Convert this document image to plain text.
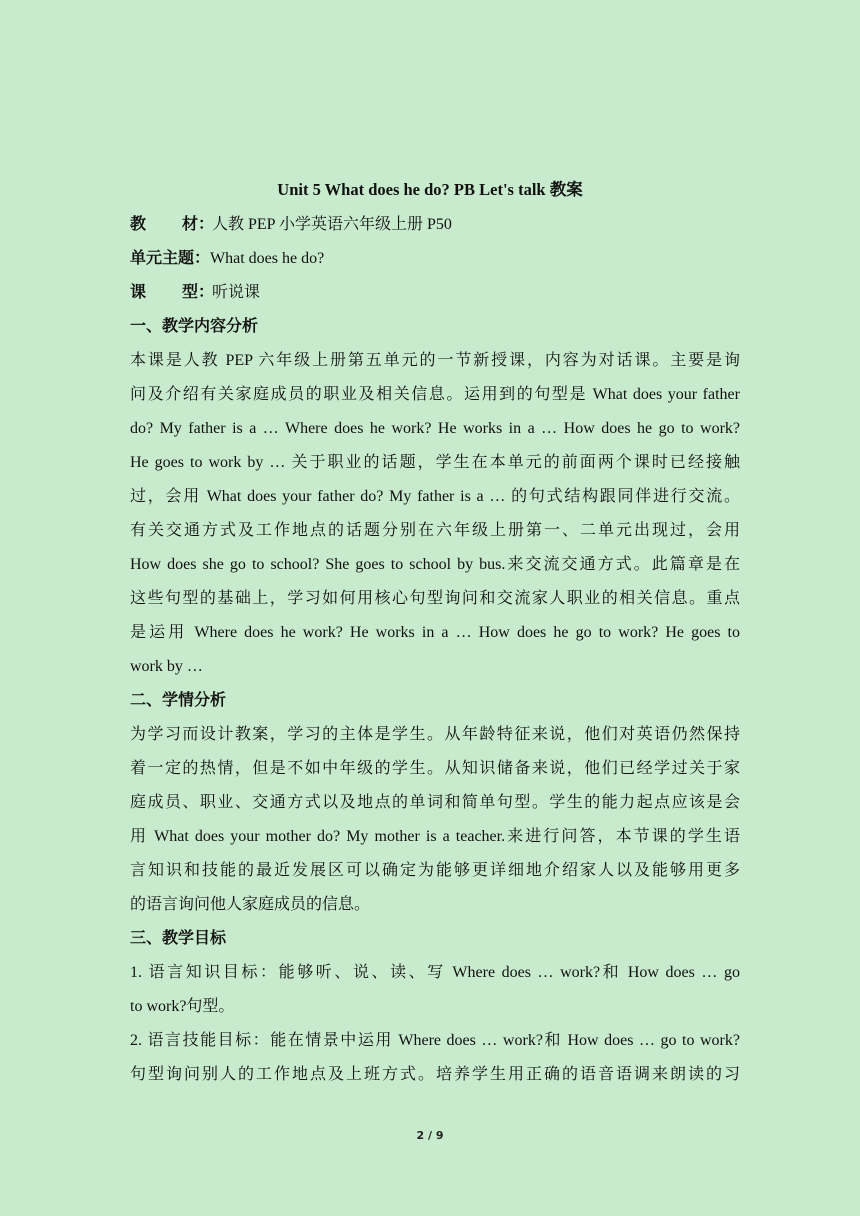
Unit 5 What does he do? PB Let's talk 教案
教 材：人教 PEP 小学英语六年级上册 P50
单元主题：What does he do?
课 型：听说课
一、教学内容分析
本课是人教 PEP 六年级上册第五单元的一节新授课，内容为对话课。主要是询
问及介绍有关家庭成员的职业及相关信息。运用到的句型是 What does your father
do? My father is a … Where does he work? He works in a … How does he go to work?
He goes to work by … 关于职业的话题，学生在本单元的前面两个课时已经接触
过，会用 What does your father do? My father is a … 的句式结构跟同伴进行交流。
有关交通方式及工作地点的话题分别在六年级上册第一、二单元出现过，会用
How does she go to school? She goes to school by bus.来交流交通方式。此篇章是在
这些句型的基础上，学习如何用核心句型询问和交流家人职业的相关信息。重点
是运用 Where does he work? He works in a … How does he go to work? He goes to
work by …
二、学情分析
为学习而设计教案，学习的主体是学生。从年龄特征来说，他们对英语仍然保持
着一定的热情，但是不如中年级的学生。从知识储备来说，他们已经学过关于家
庭成员、职业、交通方式以及地点的单词和简单句型。学生的能力起点应该是会
用 What does your mother do? My mother is a teacher.来进行问答，本节课的学生语
言知识和技能的最近发展区可以确定为能够更详细地介绍家人以及能够用更多
的语言询问他人家庭成员的信息。
三、教学目标
1. 语言知识目标：能够听、说、读、写 Where does … work?和 How does … go
to work?句型。
2. 语言技能目标：能在情景中运用 Where does … work?和 How does … go to work?
句型询问别人的工作地点及上班方式。培养学生用正确的语音语调来朗读的习
2 / 9
